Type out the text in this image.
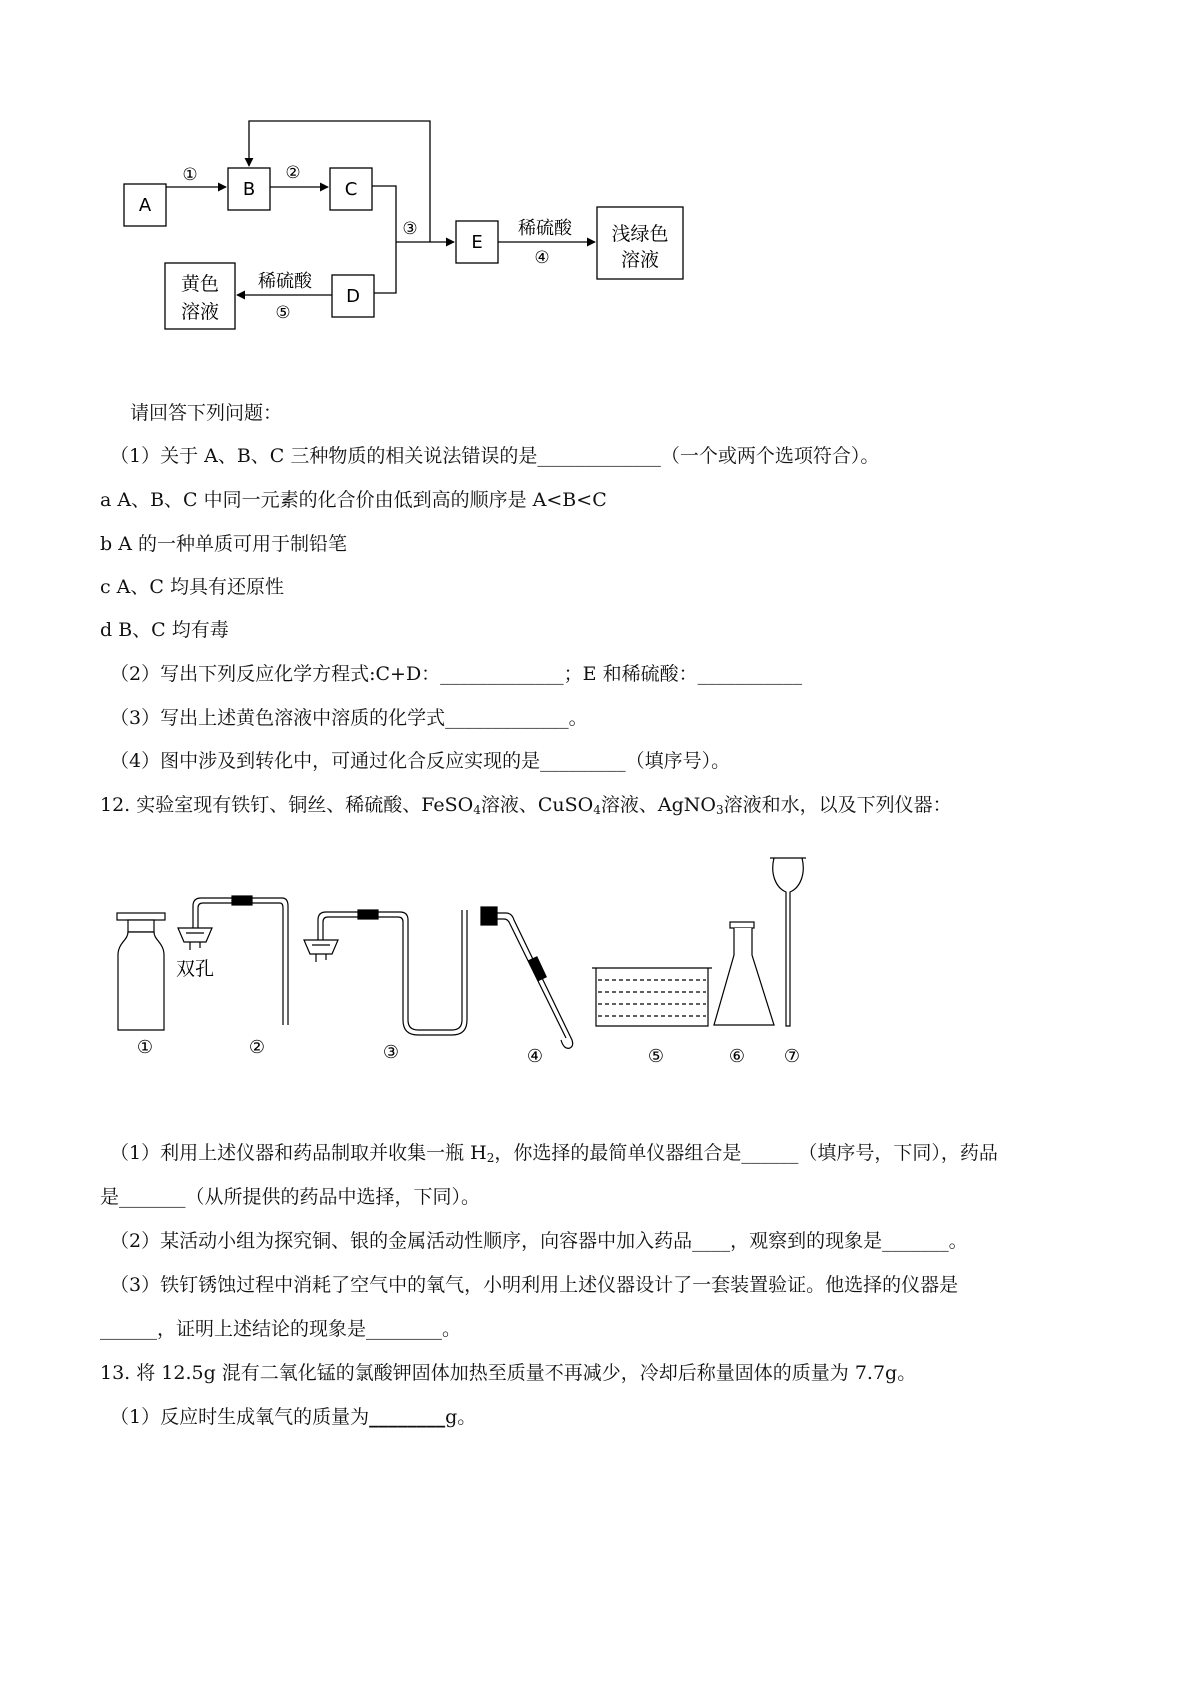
A
B	C
E
D
浅绿色
溶液
黄色
溶液
①	②
③	稀硫酸
④
稀硫酸
⑤
请回答下列问题：
（1）关于 A、B、C 三种物质的相关说法错误的是_____________（一个或两个选项符合）。
a A、B、C 中同一元素的化合价由低到高的顺序是 A<B<C
b A 的一种单质可用于制铅笔
c A、C 均具有还原性
d B、C 均有毒
（2）写出下列反应化学方程式:C+D：_____________；E 和稀硫酸：___________
（3）写出上述黄色溶液中溶质的化学式_____________。
（4）图中涉及到转化中，可通过化合反应实现的是_________（填序号）。
12. 实验室现有铁钉、铜丝、稀硫酸、FeSO$_4$溶液、CuSO$_4$溶液、AgNO$_3$溶液和水，以及下列仪器：
双孔
①	②	③	④	⑤	⑥ ⑦
（1）利用上述仪器和药品制取并收集一瓶 $H_2$，你选择的最简单仪器组合是______（填序号，下同），药品
是_______（从所提供的药品中选择，下同）。
（2）某活动小组为探究铜、银的金属活动性顺序，向容器中加入药品____，观察到的现象是_______。
（3）铁钉锈蚀过程中消耗了空气中的氧气，小明利用上述仪器设计了一套装置验证。他选择的仪器是
______，证明上述结论的现象是________。
13. 将 12.5g 混有二氧化锰的氯酸钾固体加热至质量不再减少，冷却后称量固体的质量为 7.7g。
（1）反应时生成氧气的质量为________g。
